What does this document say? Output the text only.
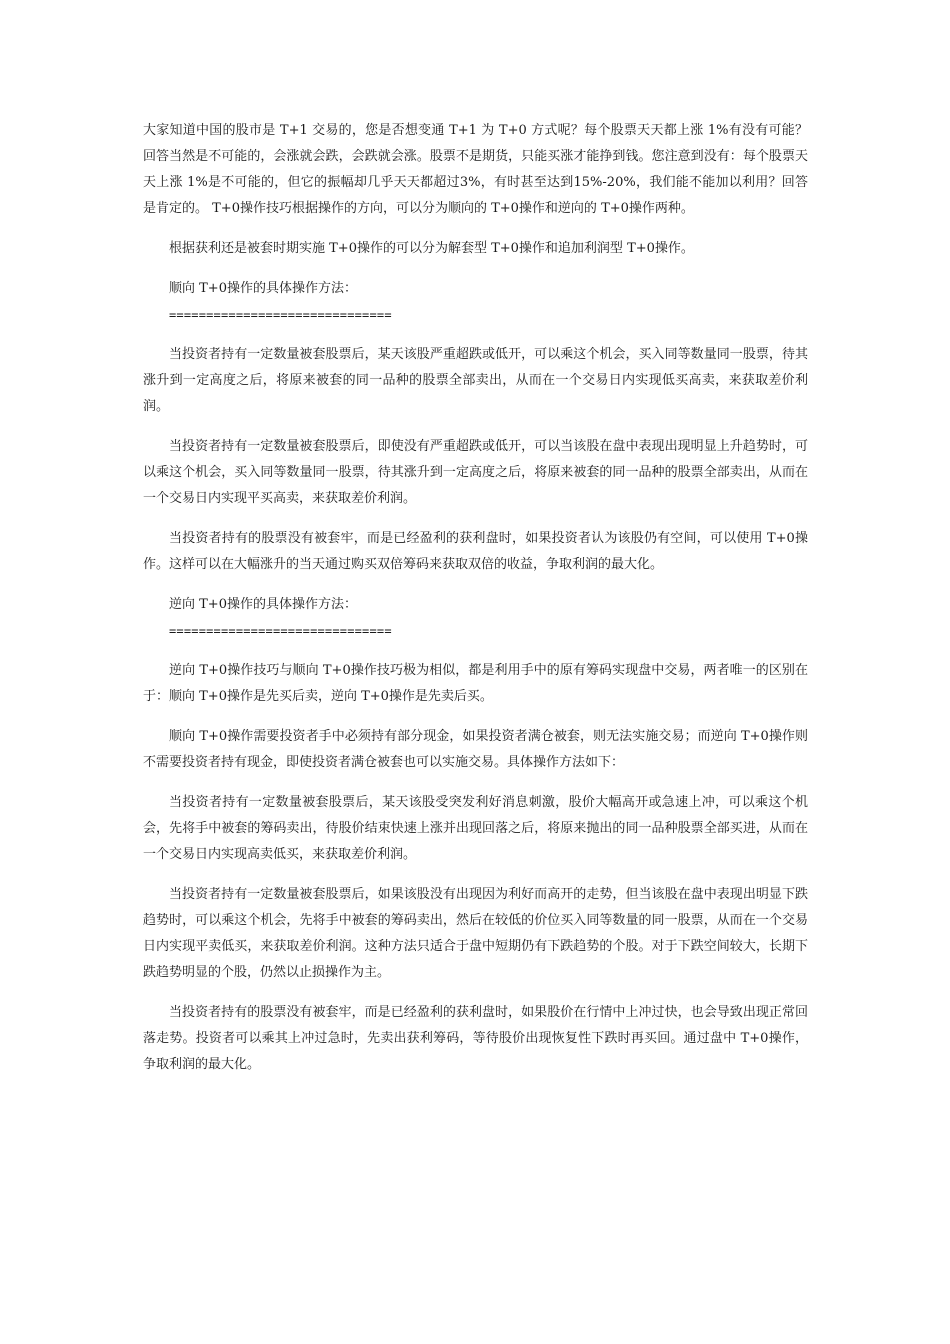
大家知道中国的股市是 T+1 交易的，您是否想变通 T+1 为 T+0 方式呢？每个股票天天都上涨 1%有没有可能？回答当然是不可能的，会涨就会跌，会跌就会涨。股票不是期货，只能买涨才能挣到钱。您注意到没有：每个股票天天上涨 1%是不可能的，但它的振幅却几乎天天都超过3%，有时甚至达到15%-20%，我们能不能加以利用？回答是肯定的。 T+0操作技巧根据操作的方向，可以分为顺向的 T+0操作和逆向的 T+0操作两种。

根据获利还是被套时期实施 T+0操作的可以分为解套型 T+0操作和追加利润型 T+0操作。

顺向 T+0操作的具体操作方法：

==============================

当投资者持有一定数量被套股票后，某天该股严重超跌或低开，可以乘这个机会，买入同等数量同一股票，待其涨升到一定高度之后，将原来被套的同一品种的股票全部卖出，从而在一个交易日内实现低买高卖，来获取差价利润。

当投资者持有一定数量被套股票后，即使没有严重超跌或低开，可以当该股在盘中表现出现明显上升趋势时，可以乘这个机会，买入同等数量同一股票，待其涨升到一定高度之后，将原来被套的同一品种的股票全部卖出，从而在一个交易日内实现平买高卖，来获取差价利润。

当投资者持有的股票没有被套牢，而是已经盈利的获利盘时，如果投资者认为该股仍有空间，可以使用 T+0操作。这样可以在大幅涨升的当天通过购买双倍筹码来获取双倍的收益，争取利润的最大化。

逆向 T+0操作的具体操作方法：

==============================

逆向 T+0操作技巧与顺向 T+0操作技巧极为相似，都是利用手中的原有筹码实现盘中交易，两者唯一的区别在于：顺向 T+0操作是先买后卖，逆向 T+0操作是先卖后买。

顺向 T+0操作需要投资者手中必须持有部分现金，如果投资者满仓被套，则无法实施交易；而逆向 T+0操作则不需要投资者持有现金，即使投资者满仓被套也可以实施交易。具体操作方法如下：

当投资者持有一定数量被套股票后，某天该股受突发利好消息刺激，股价大幅高开或急速上冲，可以乘这个机会，先将手中被套的筹码卖出，待股价结束快速上涨并出现回落之后，将原来抛出的同一品种股票全部买进，从而在一个交易日内实现高卖低买，来获取差价利润。

当投资者持有一定数量被套股票后，如果该股没有出现因为利好而高开的走势，但当该股在盘中表现出明显下跌趋势时，可以乘这个机会，先将手中被套的筹码卖出，然后在较低的价位买入同等数量的同一股票，从而在一个交易日内实现平卖低买，来获取差价利润。这种方法只适合于盘中短期仍有下跌趋势的个股。对于下跌空间较大，长期下跌趋势明显的个股，仍然以止损操作为主。

当投资者持有的股票没有被套牢，而是已经盈利的获利盘时，如果股价在行情中上冲过快，也会导致出现正常回落走势。投资者可以乘其上冲过急时，先卖出获利筹码，等待股价出现恢复性下跌时再买回。通过盘中 T+0操作，争取利润的最大化。
